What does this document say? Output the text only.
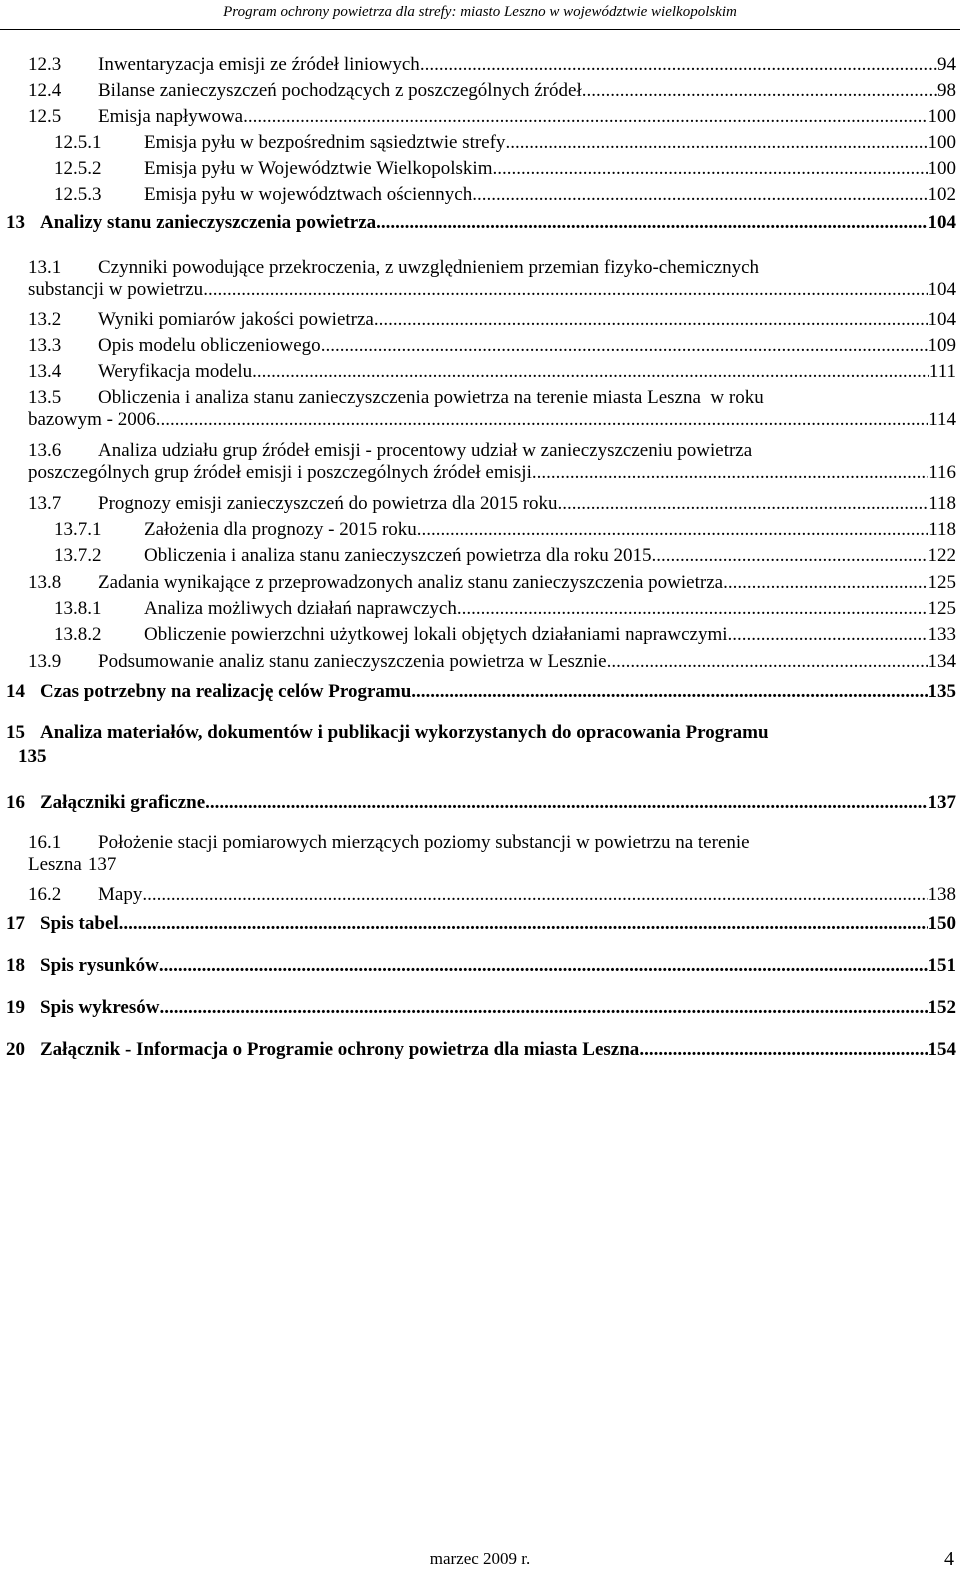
Program ochrony powietrza dla strefy: miasto Leszno w województwie wielkopolskim
12.3	Inwentaryzacja emisji ze źródeł liniowych .....	94
12.4	Bilanse zanieczyszczeń pochodzących z poszczególnych źródeł .....	98
12.5	Emisja napływowa .....	100
12.5.1	Emisja pyłu w bezpośrednim sąsiedztwie strefy .....	100
12.5.2	Emisja pyłu w Województwie Wielkopolskim .....	100
12.5.3	Emisja pyłu w województwach ościennych .....	102
13 Analizy stanu zanieczyszczenia powietrza .....	104
13.1	Czynniki powodujące przekroczenia, z uwzględnieniem przemian fizyko-chemicznych
substancji w powietrzu .....	104
13.2	Wyniki pomiarów jakości powietrza .....	104
13.3	Opis modelu obliczeniowego .....	109
13.4	Weryfikacja modelu .....	111
13.5	Obliczenia i analiza stanu zanieczyszczenia powietrza na terenie miasta Leszna  w roku
bazowym - 2006 .....	114
13.6	Analiza udziału grup źródeł emisji - procentowy udział w zanieczyszczeniu powietrza
poszczególnych grup źródeł emisji i poszczególnych źródeł emisji .....	116
13.7	Prognozy emisji zanieczyszczeń do powietrza dla 2015 roku .....	118
13.7.1	Założenia dla prognozy - 2015 roku .....	118
13.7.2	Obliczenia i analiza stanu zanieczyszczeń powietrza dla roku 2015 .....	122
13.8	Zadania wynikające z przeprowadzonych analiz stanu zanieczyszczenia powietrza .....	125
13.8.1	Analiza możliwych działań naprawczych .....	125
13.8.2	Obliczenie powierzchni użytkowej lokali objętych działaniami naprawczymi .....	133
13.9	Podsumowanie analiz stanu zanieczyszczenia powietrza w Lesznie .....	134
14 Czas potrzebny na realizację celów Programu .....	135
15 Analiza materiałów, dokumentów i publikacji wykorzystanych do opracowania Programu
135
16 Załączniki graficzne .....	137
16.1	Położenie stacji pomiarowych mierzących poziomy substancji w powietrzu na terenie
Leszna 137
16.2	Mapy .....	138
17 Spis tabel .....	150
18 Spis rysunków .....	151
19 Spis wykresów .....	152
20 Załącznik - Informacja o Programie ochrony powietrza dla miasta Leszna .....	154
marzec 2009 r.	4
